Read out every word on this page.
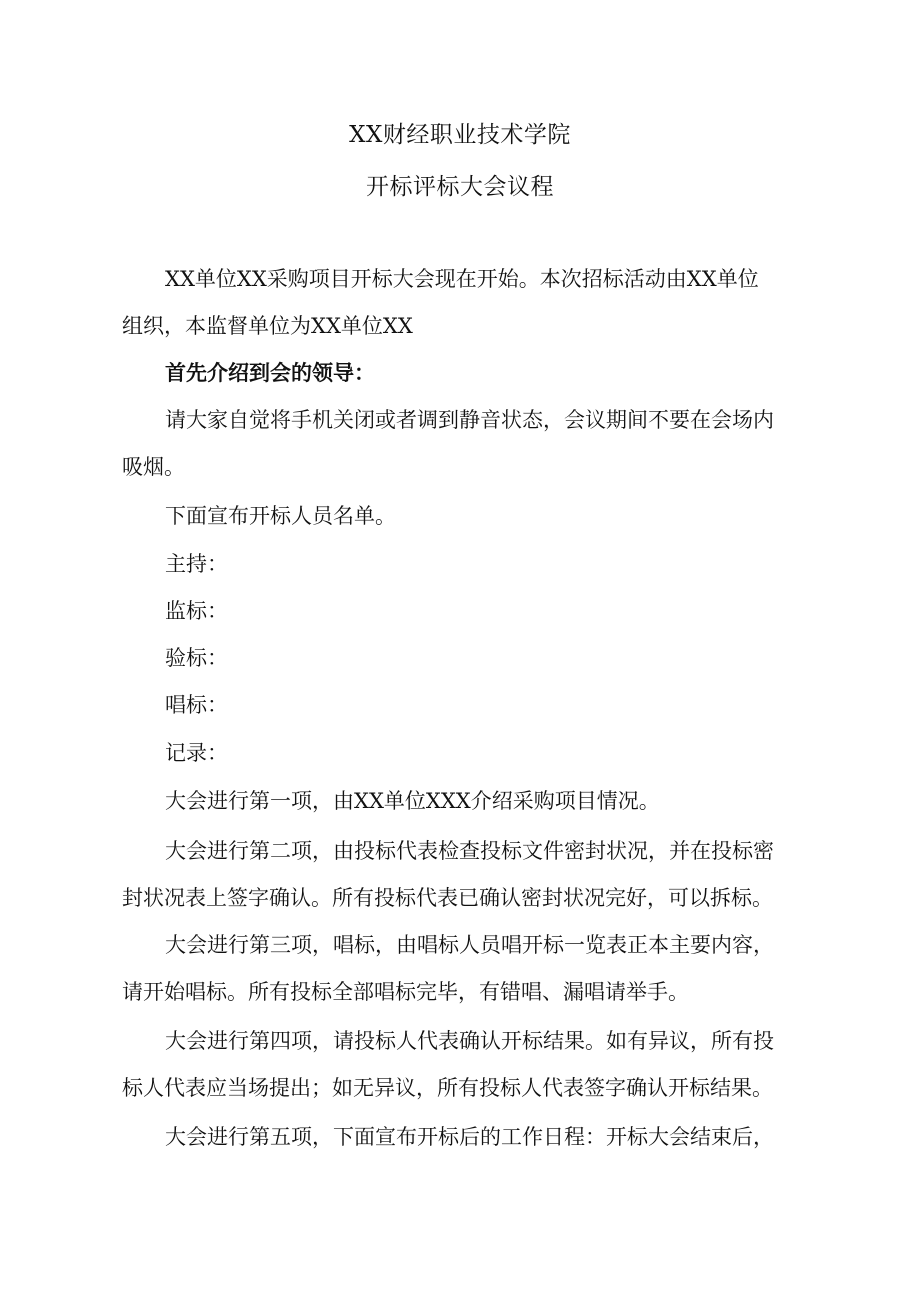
XX财经职业技术学院
开标评标大会议程
XX单位XX采购项目开标大会现在开始。本次招标活动由XX单位
组织，本监督单位为XX单位XX
首先介绍到会的领导：
请大家自觉将手机关闭或者调到静音状态，会议期间不要在会场内
吸烟。
下面宣布开标人员名单。
主持：
监标：
验标：
唱标：
记录：
大会进行第一项，由XX单位XXX介绍采购项目情况。
大会进行第二项，由投标代表检查投标文件密封状况，并在投标密
封状况表上签字确认。所有投标代表已确认密封状况完好，可以拆标。
大会进行第三项，唱标，由唱标人员唱开标一览表正本主要内容，
请开始唱标。所有投标全部唱标完毕，有错唱、漏唱请举手。
大会进行第四项，请投标人代表确认开标结果。如有异议，所有投
标人代表应当场提出；如无异议，所有投标人代表签字确认开标结果。
大会进行第五项，下面宣布开标后的工作日程：开标大会结束后，
